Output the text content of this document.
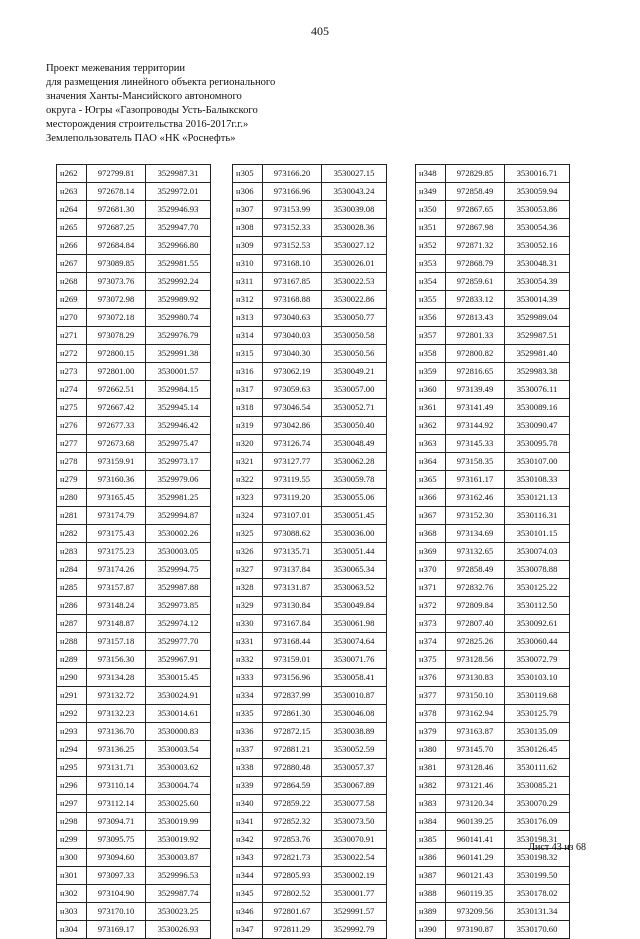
405
Проект межевания территории
для размещения линейного объекта регионального
значения Ханты-Мансийского автономного
округа - Югры «Газопроводы Усть-Балыкского
месторождения строительства 2016-2017г.г.»
Землепользователь ПАО «НК «Роснефть»
н262	972799.81	3529987.31
н263	972678.14	3529972.01
н264	972681.30	3529946.93
н265	972687.25	3529947.70
н266	972684.84	3529966.80
н267	973089.85	3529981.55
н268	973073.76	3529992.24
н269	973072.98	3529989.92
н270	973072.18	3529980.74
н271	973078.29	3529976.79
н272	972800.15	3529991.38
н273	972801.00	3530001.57
н274	972662.51	3529984.15
н275	972667.42	3529945.14
н276	972677.33	3529946.42
н277	972673.68	3529975.47
н278	973159.91	3529973.17
н279	973160.36	3529979.06
н280	973165.45	3529981.25
н281	973174.79	3529994.87
н282	973175.43	3530002.26
н283	973175.23	3530003.05
н284	973174.26	3529994.75
н285	973157.87	3529987.88
н286	973148.24	3529973.85
н287	973148.87	3529974.12
н288	973157.18	3529977.70
н289	973156.30	3529967.91
н290	973134.28	3530015.45
н291	973132.72	3530024.91
н292	973132.23	3530014.61
н293	973136.70	3530000.83
н294	973136.25	3530003.54
н295	973131.71	3530003.62
н296	973110.14	3530004.74
н297	973112.14	3530025.60
н298	973094.71	3530019.99
н299	973095.75	3530019.92
н300	973094.60	3530003.87
н301	973097.33	3529996.53
н302	973104.90	3529987.74
н303	973170.10	3530023.25
н304	973169.17	3530026.93
н305	973166.20	3530027.15
н306	973166.96	3530043.24
н307	973153.99	3530039.08
н308	973152.33	3530028.36
н309	973152.53	3530027.12
н310	973168.10	3530026.01
н311	973167.85	3530022.53
н312	973168.88	3530022.86
н313	973040.63	3530050.77
н314	973040.03	3530050.58
н315	973040.30	3530050.56
н316	973062.19	3530049.21
н317	973059.63	3530057.00
н318	973046.54	3530052.71
н319	973042.86	3530050.40
н320	973126.74	3530048.49
н321	973127.77	3530062.28
н322	973119.55	3530059.78
н323	973119.20	3530055.06
н324	973107.01	3530051.45
н325	973088.62	3530036.00
н326	973135.71	3530051.44
н327	973137.84	3530065.34
н328	973131.87	3530063.52
н329	973130.84	3530049.84
н330	973167.84	3530061.98
н331	973168.44	3530074.64
н332	973159.01	3530071.76
н333	973156.96	3530058.41
н334	972837.99	3530010.87
н335	972861.30	3530046.08
н336	972872.15	3530038.89
н337	972881.21	3530052.59
н338	972880.48	3530057.37
н339	972864.59	3530067.89
н340	972859.22	3530077.58
н341	972852.32	3530073.50
н342	972853.76	3530070.91
н343	972821.73	3530022.54
н344	972805.93	3530002.19
н345	972802.52	3530001.77
н346	972801.67	3529991.57
н347	972811.29	3529992.79
н348	972829.85	3530016.71
н349	972858.49	3530059.94
н350	972867.65	3530053.86
н351	972867.98	3530054.36
н352	972871.32	3530052.16
н353	972868.79	3530048.31
н354	972859.61	3530054.39
н355	972833.12	3530014.39
н356	972813.43	3529989.04
н357	972801.33	3529987.51
н358	972800.82	3529981.40
н359	972816.65	3529983.38
н360	973139.49	3530076.11
н361	973141.49	3530089.16
н362	973144.92	3530090.47
н363	973145.33	3530095.78
н364	973158.35	3530107.00
н365	973161.17	3530108.33
н366	973162.46	3530121.13
н367	973152.30	3530116.31
н368	973134.69	3530101.15
н369	973132.65	3530074.03
н370	972858.49	3530078.88
н371	972832.76	3530125.22
н372	972809.84	3530112.50
н373	972807.40	3530092.61
н374	972825.26	3530060.44
н375	973128.56	3530072.79
н376	973130.83	3530103.10
н377	973150.10	3530119.68
н378	973162.94	3530125.79
н379	973163.87	3530135.09
н380	973145.70	3530126.45
н381	973128.46	3530111.62
н382	973121.46	3530085.21
н383	973120.34	3530070.29
н384	960139.25	3530176.09
н385	960141.41	3530198.31
н386	960141.29	3530198.32
н387	960121.43	3530199.50
н388	960119.35	3530178.02
н389	973209.56	3530131.34
н390	973190.87	3530170.60
Лист 43 из 68
